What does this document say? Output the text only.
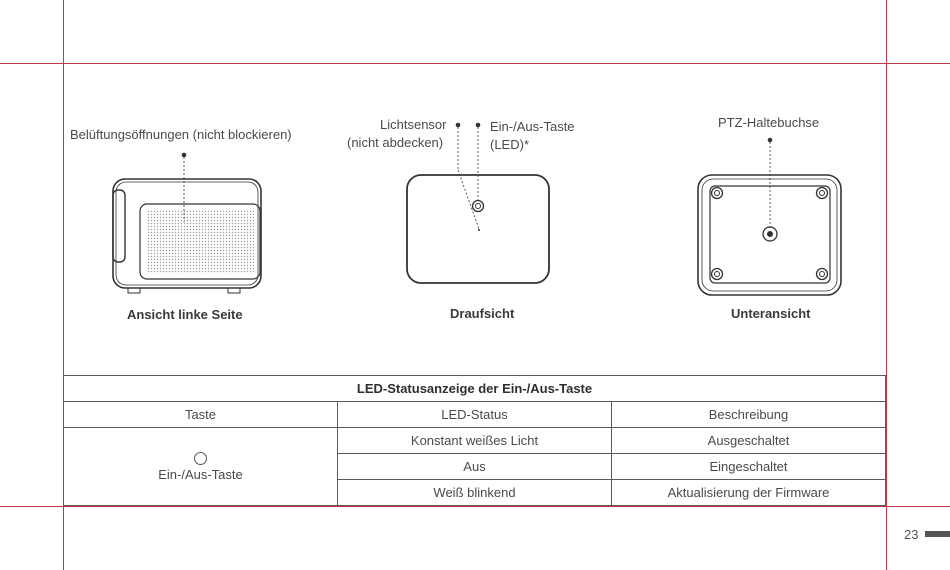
Belüftungsöffnungen (nicht blockieren)
Ansicht linke Seite
Lichtsensor
(nicht abdecken)
Ein-/Aus-Taste
(LED)*
Draufsicht
PTZ-Haltebuchse
Unteransicht
LED-Statusanzeige der Ein-/Aus-Taste
Taste	LED-Status	Beschreibung
Ein-/Aus-Taste
Konstant weißes Licht	Ausgeschaltet
Aus	Eingeschaltet
Weiß blinkend	Aktualisierung der Firmware
23
